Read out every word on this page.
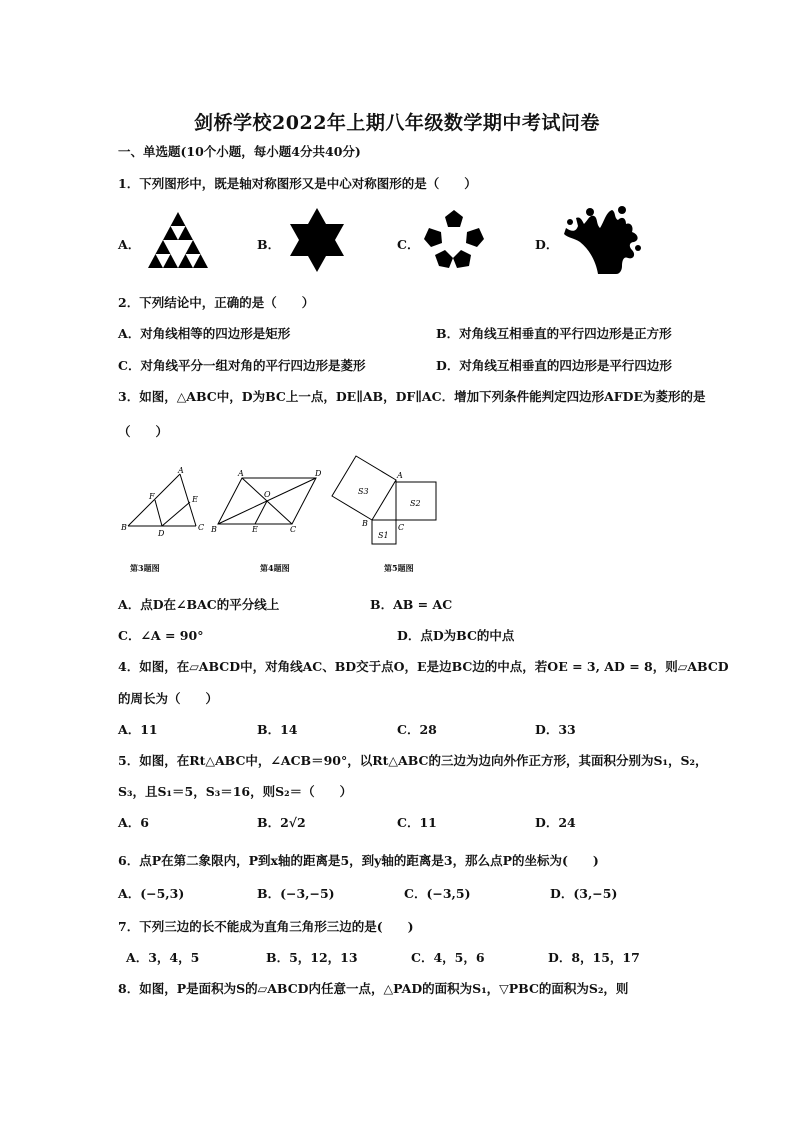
剑桥学校2022年上期八年级数学期中考试问卷
一、单选题(10个小题，每小题4分共40分)
1．下列图形中，既是轴对称图形又是中心对称图形的是（　　）
A．	B．	C．	D．
2．下列结论中，正确的是（　　）
A．对角线相等的四边形是矩形	B．对角线互相垂直的平行四边形是正方形
C．对角线平分一组对角的平行四边形是菱形	D．对角线互相垂直的四边形是平行四边形
3．如图，△ABC中，D为BC上一点，DE∥AB，DF∥AC．增加下列条件能判定四边形AFDE为菱形的是
（　　）
A
B	C
D
E
F
第3题图
A
B	C
D
E
O
第4题图
S3
S2
S1
A
B	C
第5题图
A．点D在∠BAC的平分线上	B．AB = AC
C．∠A = 90°	D．点D为BC的中点
4．如图，在▱ABCD中，对角线AC、BD交于点O，E是边BC边的中点，若OE = 3, AD = 8，则▱ABCD
的周长为（　　）
A．11	B．14	C．28	D．33
5．如图，在Rt△ABC中，∠ACB＝90°，以Rt△ABC的三边为边向外作正方形，其面积分别为S₁，S₂，
S₃，且S₁＝5，S₃＝16，则S₂＝（　　）
A．6	B．2√2	C．11	D．24
6．点P在第二象限内，P到x轴的距离是5，到y轴的距离是3，那么点P的坐标为(　　)
A．(−5,3)	B．(−3,−5)	C．(−3,5)	D．(3,−5)
7．下列三边的长不能成为直角三角形三边的是(　　)
A．3，4，5	B．5，12，13	C．4，5，6	D．8，15，17
8．如图，P是面积为S的▱ABCD内任意一点，△PAD的面积为S₁，▽PBC的面积为S₂，则
